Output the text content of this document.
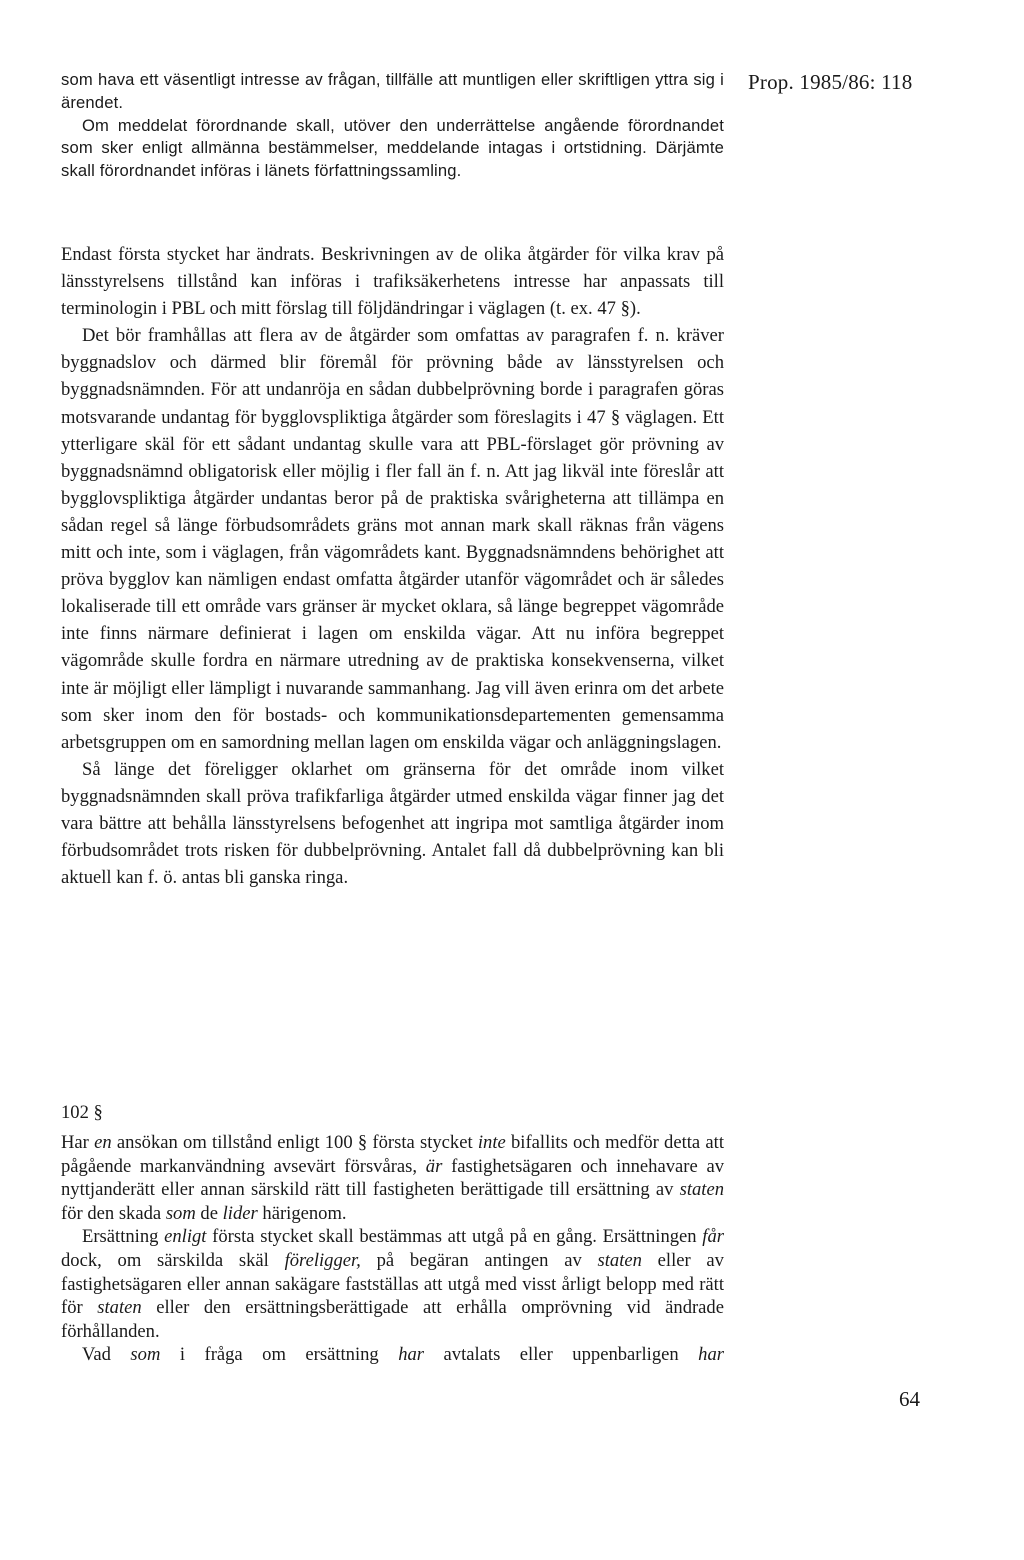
Prop. 1985/86: 118

som hava ett väsentligt intresse av frågan, tillfälle att muntligen eller skriftligen yttra sig i ärendet.

Om meddelat förordnande skall, utöver den underrättelse angående förordnandet som sker enligt allmänna bestämmelser, meddelande intagas i ortstidning. Därjämte skall förordnandet införas i länets författningssamling.

Endast första stycket har ändrats. Beskrivningen av de olika åtgärder för vilka krav på länsstyrelsens tillstånd kan införas i trafiksäkerhetens intresse har anpassats till terminologin i PBL och mitt förslag till följdändringar i väglagen (t. ex. 47 §).

Det bör framhållas att flera av de åtgärder som omfattas av paragrafen f. n. kräver byggnadslov och därmed blir föremål för prövning både av länsstyrelsen och byggnadsnämnden. För att undanröja en sådan dubbelprövning borde i paragrafen göras motsvarande undantag för bygglovspliktiga åtgärder som föreslagits i 47 § väglagen. Ett ytterligare skäl för ett sådant undantag skulle vara att PBL-förslaget gör prövning av byggnadsnämnd obligatorisk eller möjlig i fler fall än f. n. Att jag likväl inte föreslår att bygglovspliktiga åtgärder undantas beror på de praktiska svårigheterna att tillämpa en sådan regel så länge förbudsområdets gräns mot annan mark skall räknas från vägens mitt och inte, som i väglagen, från vägområdets kant. Byggnadsnämndens behörighet att pröva bygglov kan nämligen endast omfatta åtgärder utanför vägområdet och är således lokaliserade till ett område vars gränser är mycket oklara, så länge begreppet vägområde inte finns närmare definierat i lagen om enskilda vägar. Att nu införa begreppet vägområde skulle fordra en närmare utredning av de praktiska konsekvenserna, vilket inte är möjligt eller lämpligt i nuvarande sammanhang. Jag vill även erinra om det arbete som sker inom den för bostads- och kommunikationsdepartementen gemensamma arbetsgruppen om en samordning mellan lagen om enskilda vägar och anläggningslagen.

Så länge det föreligger oklarhet om gränserna för det område inom vilket byggnadsnämnden skall pröva trafikfarliga åtgärder utmed enskilda vägar finner jag det vara bättre att behålla länsstyrelsens befogenhet att ingripa mot samtliga åtgärder inom förbudsområdet trots risken för dubbelprövning. Antalet fall då dubbelprövning kan bli aktuell kan f. ö. antas bli ganska ringa.

102 §

Har en ansökan om tillstånd enligt 100 § första stycket inte bifallits och medför detta att pågående markanvändning avsevärt försvåras, är fastighetsägaren och innehavare av nyttjanderätt eller annan särskild rätt till fastigheten berättigade till ersättning av staten för den skada som de lider härigenom.

Ersättning enligt första stycket skall bestämmas att utgå på en gång. Ersättningen får dock, om särskilda skäl föreligger, på begäran antingen av staten eller av fastighetsägaren eller annan sakägare fastställas att utgå med visst årligt belopp med rätt för staten eller den ersättningsberättigade att erhålla omprövning vid ändrade förhållanden.

Vad som i fråga om ersättning har avtalats eller uppenbarligen har

64
